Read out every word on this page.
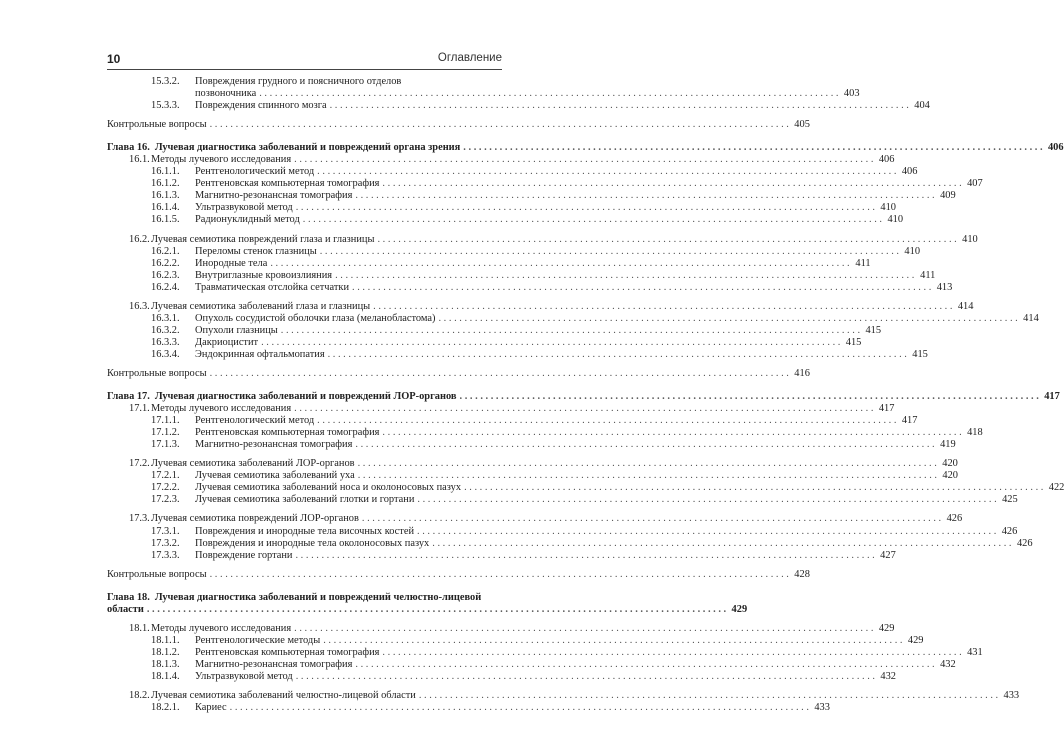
10	Оглавление
15.3.2.	Повреждения грудного и поясничного отделов
позвоночника . . .	403
15.3.3.	Повреждения спинного мозга . . .	404
Контрольные вопросы . . .	405
Глава 16. Лучевая диагностика заболеваний и повреждений органа зрения . . .	406
16.1. Методы лучевого исследования . . .	406
16.1.1.	Рентгенологический метод . . .	406
16.1.2.	Рентгеновская компьютерная томография . . .	407
16.1.3.	Магнитно-резонансная томография . . .	409
16.1.4.	Ультразвуковой метод . . .	410
16.1.5.	Радионуклидный метод . . .	410
16.2. Лучевая семиотика повреждений глаза и глазницы . . .	410
16.2.1.	Переломы стенок глазницы . . .	410
16.2.2.	Инородные тела . . .	411
16.2.3.	Внутриглазные кровоизлияния . . .	411
16.2.4.	Травматическая отслойка сетчатки . . .	413
16.3. Лучевая семиотика заболеваний глаза и глазницы . . .	414
16.3.1.	Опухоль сосудистой оболочки глаза (меланобластома) . . .	414
16.3.2.	Опухоли глазницы . . .	415
16.3.3.	Дакриоцистит . . .	415
16.3.4.	Эндокринная офтальмопатия . . .	415
Контрольные вопросы . . .	416
Глава 17. Лучевая диагностика заболеваний и повреждений ЛОР-органов . . .	417
17.1. Методы лучевого исследования . . .	417
17.1.1.	Рентгенологический метод . . .	417
17.1.2.	Рентгеновская компьютерная томография . . .	418
17.1.3.	Магнитно-резонансная томография . . .	419
17.2. Лучевая семиотика заболеваний ЛОР-органов . . .	420
17.2.1.	Лучевая семиотика заболеваний уха . . .	420
17.2.2.	Лучевая семиотика заболеваний носа и околоносовых пазух . . .	422
17.2.3.	Лучевая семиотика заболеваний глотки и гортани . . .	425
17.3. Лучевая семиотика повреждений ЛОР-органов . . .	426
17.3.1.	Повреждения и инородные тела височных костей . . .	426
17.3.2.	Повреждения и инородные тела околоносовых пазух . . .	426
17.3.3.	Повреждение гортани . . .	427
Контрольные вопросы . . .	428
Глава 18. Лучевая диагностика заболеваний и повреждений челюстно-лицевой
области . . .	429
18.1. Методы лучевого исследования . . .	429
18.1.1.	Рентгенологические методы . . .	429
18.1.2.	Рентгеновская компьютерная томография . . .	431
18.1.3.	Магнитно-резонансная томография . . .	432
18.1.4.	Ультразвуковой метод . . .	432
18.2. Лучевая семиотика заболеваний челюстно-лицевой области . . .	433
18.2.1.	Кариес . . .	433
